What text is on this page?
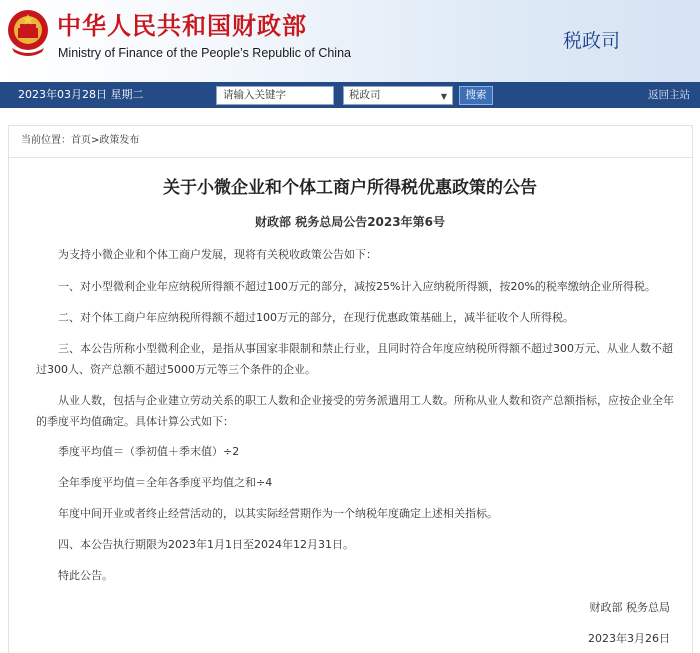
中华人民共和国财政部
Ministry of Finance of the People’s Republic of China
税政司
2023年03月28日 星期二	请输入关键字	税政司	▼	搜索	返回主站
当前位置：首页>政策发布
关于小微企业和个体工商户所得税优惠政策的公告
财政部 税务总局公告2023年第6号
为支持小微企业和个体工商户发展，现将有关税收政策公告如下：
一、对小型微利企业年应纳税所得额不超过100万元的部分，减按25%计入应纳税所得额，按20%的税率缴纳企业所得税。
二、对个体工商户年应纳税所得额不超过100万元的部分，在现行优惠政策基础上，减半征收个人所得税。
三、本公告所称小型微利企业，是指从事国家非限制和禁止行业，且同时符合年度应纳税所得额不超过300万元、从业人数不超过300人、资产总额不超过5000万元等三个条件的企业。
从业人数，包括与企业建立劳动关系的职工人数和企业接受的劳务派遣用工人数。所称从业人数和资产总额指标，应按企业全年的季度平均值确定。具体计算公式如下：
季度平均值＝（季初值＋季末值）÷2
全年季度平均值＝全年各季度平均值之和÷4
年度中间开业或者终止经营活动的，以其实际经营期作为一个纳税年度确定上述相关指标。
四、本公告执行期限为2023年1月1日至2024年12月31日。
特此公告。
财政部 税务总局
2023年3月26日
